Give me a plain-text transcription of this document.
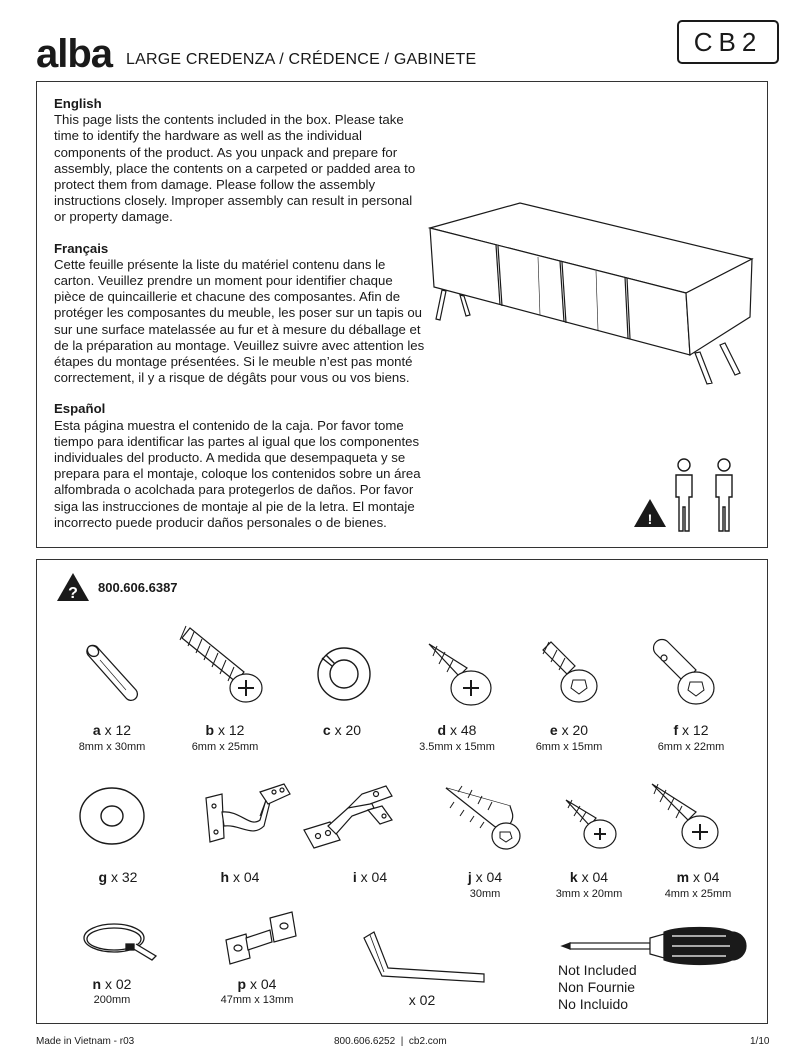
alba LARGE CREDENZA / CRÉDENCE / GABINETE
CB2
English

This page lists the contents included in the box. Please take time to identify the hardware as well as the individual components of the product. As you unpack and prepare for assembly, place the contents on a carpeted or padded area to protect them from damage. Please follow the assembly instructions closely. Improper assembly can result in personal or property damage.

Français

Cette feuille présente la liste du matériel contenu dans le carton. Veuillez prendre un moment pour identifier chaque pièce de quincaillerie et chacune des composantes. Afin de protéger les composantes du meuble, les poser sur un tapis ou sur une surface matelassée au fur et à mesure du déballage et de la préparation au montage. Veuillez suivre avec attention les étapes du montage présentées. Si le meuble n’est pas monté correctement, il y a risque de dégâts pour vous ou vos biens.

Español

Esta página muestra el contenido de la caja. Por favor tome tiempo para identificar las partes al igual que los componentes individuales del producto. A medida que desempaqueta y se prepara para el montaje, coloque los contenidos sobre un área alfombrada o acolchada para protegerlos de daños. Por favor siga las instrucciones de montaje al pie de la letra. El montaje incorrecto puede producir daños personales o de bienes.	!
? 800.606.6387
a x 12
8mm x 30mm
b x 12
6mm x 25mm
c x 20	d x 48
3.5mm x 15mm
e x 20
6mm x 15mm
f x 12
6mm x 22mm
g x 32	h x 04	i x 04	j x 04
30mm
k x 04
3mm x 20mm
m x 04
4mm x 25mm
n x 02
200mm
p x 04
47mm x 13mm	x 02
Not Included
Non Fournie
No Incluido
Made in Vietnam - r03	800.606.6252  |  cb2.com	1/10
